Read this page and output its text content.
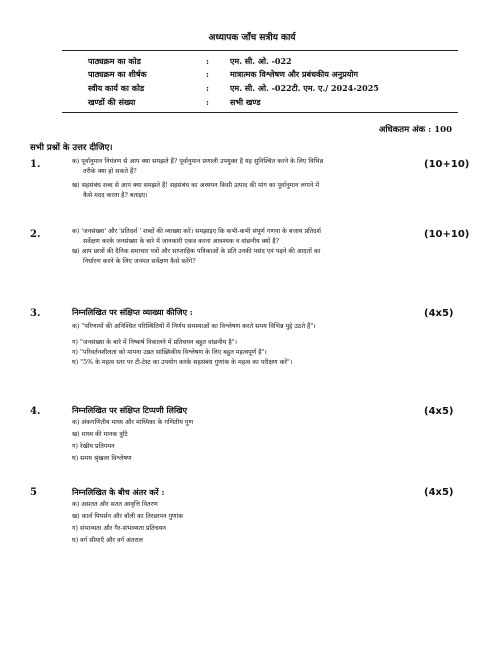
अध्यापक जाँच सत्रीय कार्य
पाठ्यक्रम का कोड	:	एम. सी. ओ. -022
पाठ्यक्रम का शीर्षक	:	मात्रात्मक विश्लेषण और प्रबंधकीय अनुप्रयोग
स्वीय कार्य का कोड	:	एम. सी. ओ. -022टी. एम. ए./ 2024-2025
खण्डों की संख्या	:	सभी खण्ड
अधिकतम अंक : 100
सभी प्रश्नों के उत्तर दीजिए।
1.	(10+10)
क) पूर्वानुमान नियंत्रण से आप क्या समझते हैं? पूर्वानुमान प्रणाली उपयुक्त है यह सुनिश्चित करने के लिए विभिन्न
तरीके क्या हो सकते हैं?
ख) सहसंबंध शब्द से आप क्या समझते हैं! सहसंबंध का अध्ययन किसी उत्पाद की मांग का पूर्वानुमान लगाने में
कैसे मदद करता है? बताइए।
2.	(10+10)
क) 'जनसंख्या' और 'प्रतिदर्श ' शब्दों की व्याख्या करें। समझाइए कि कभी-कभी संपूर्ण गणना के बजाय प्रतिदर्श
सर्वेक्षण करके जनसंख्या के बारे में जानकारी एकत्र करना आवश्यक व वांछनीय क्यों है?
ख) आप छात्रों की दैनिक समाचार पत्रों और साप्ताहिक पत्रिकाओं के प्रति उनकी पसंद एवं पढ़ने की आदतों का
निर्धारण करने के लिए जनमत सर्वेक्षण कैसे करेंगे?
3.	(4x5)
निम्नलिखित पर संक्षिप्त व्याख्या कीजिए :
क) "परिणामों की अनिश्चित परिस्थितियों में निर्णय समस्याओं का विश्लेषण करते समय विभिन्न मुद्दे उठते हैं"।
ग) "जनसंख्या के बारे में निष्कर्ष निकालने में प्रतिचयन बहुत वांछनीय है"।
ग) "परिवर्तनशीलता को मापना उन्नत सांख्यिकीय विश्लेषण के लिए बहुत महत्वपूर्ण है"।
घ) "5% के महत्व स्तर पर टी-टेस्ट का उपयोग करके सहसंबंध गुणांक के महत्व का परीक्षण करें"।
4.	(4x5)
निम्नलिखित पर संक्षिप्त टिप्पणी लिखिए
क) अंकगणितीय माध्य और माध्यिका के गणितीय गुण
ख) माध्य की मानक त्रुटि
ग) रेखीय प्रतिगमन
घ) समय श्रृंखला विश्लेषण
5	(4x5)
निम्नलिखित के बीच अंतर करें :
क) असतत और सतत आवृत्ति वितरण
ख) कार्ल पियर्सन और बॉली का तिरछापन गुणांक
ग) संभाव्यता और गैर-संभाव्यता प्रतिचयन
घ) वर्ग सीमाएँ और वर्ग अंतराल
